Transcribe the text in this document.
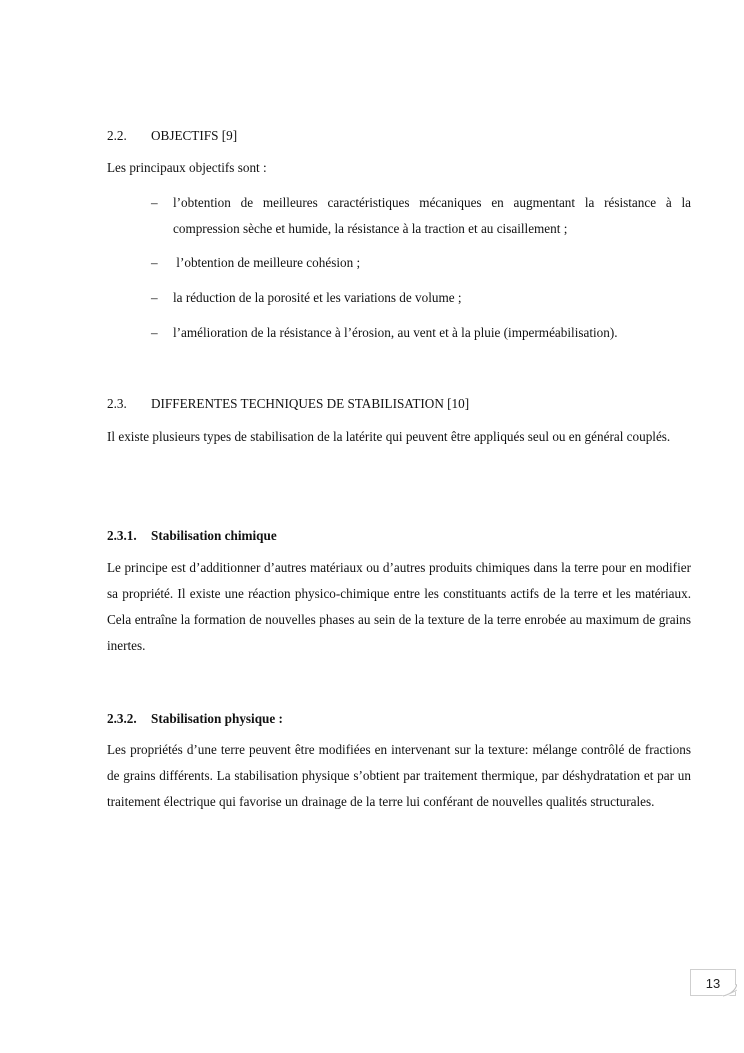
2.2. OBJECTIFS [9]
Les principaux objectifs sont :
– l’obtention de meilleures caractéristiques mécaniques en augmentant la résistance à la compression sèche et humide, la résistance à la traction et au cisaillement ;
– l’obtention de meilleure cohésion ;
– la réduction de la porosité et les variations de volume ;
– l’amélioration de la résistance à l’érosion, au vent et à la pluie (imperméabilisation).
2.3. DIFFERENTES TECHNIQUES DE STABILISATION [10]
Il existe plusieurs types de stabilisation de la latérite qui peuvent être appliqués seul ou en général couplés.
2.3.1. Stabilisation chimique
Le principe est d’additionner d’autres matériaux ou d’autres produits chimiques dans la terre pour en modifier sa propriété. Il existe une réaction physico-chimique entre les constituants actifs de la terre et les matériaux. Cela entraîne la formation de nouvelles phases au sein de la texture de la terre enrobée au maximum de grains inertes.
2.3.2. Stabilisation physique :
Les propriétés d’une terre peuvent être modifiées en intervenant sur la texture: mélange contrôlé de fractions de grains différents. La stabilisation physique s’obtient par traitement thermique, par déshydratation et par un traitement électrique qui favorise un drainage de la terre lui conférant de nouvelles qualités structurales.
13
